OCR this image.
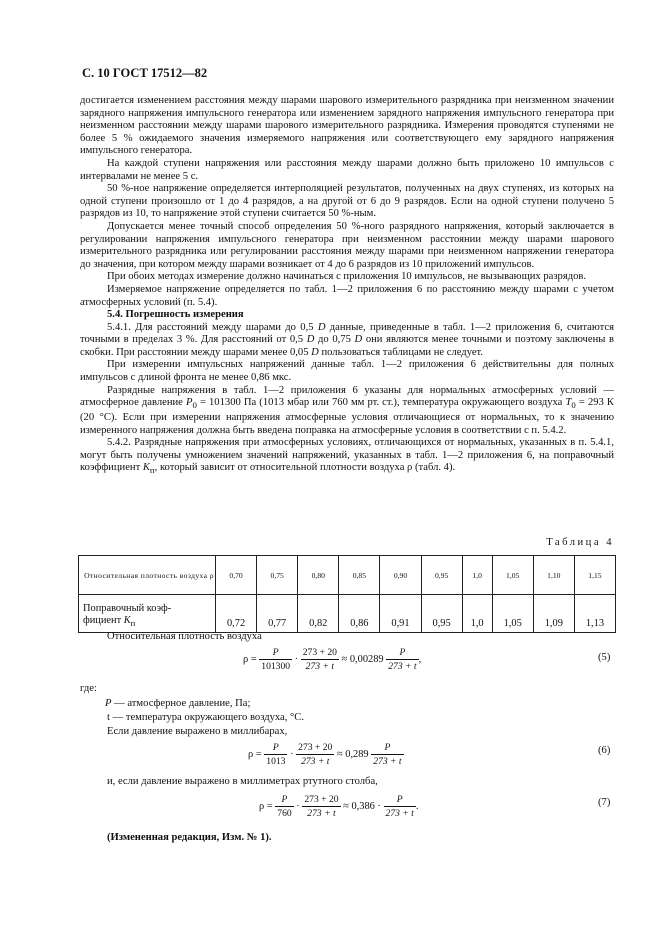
С. 10 ГОСТ 17512—82

достигается изменением расстояния между шарами шарового измерительного разрядника при неизменном значении зарядного напряжения импульсного генератора или изменением зарядного напряжения импульсного генератора при неизменном расстоянии между шарами шарового измерительного разрядника. Измерения проводятся ступенями не более 5 % ожидаемого значения измеряемого напряжения или соответствующего ему зарядного напряжения импульсного генератора.

На каждой ступени напряжения или расстояния между шарами должно быть приложено 10 импульсов с интервалами не менее 5 с.

50 %-ное напряжение определяется интерполяцией результатов, полученных на двух ступенях, из которых на одной ступени произошло от 1 до 4 разрядов, а на другой от 6 до 9 разрядов. Если на одной ступени получено 5 разрядов из 10, то напряжение этой ступени считается 50 %-ным.

Допускается менее точный способ определения 50 %-ного разрядного напряжения, который заключается в регулировании напряжения импульсного генератора при неизменном расстоянии между шарами шарового измерительного разрядника или регулировании расстояния между шарами при неизменном напряжении генератора до значения, при котором между шарами возникает от 4 до 6 разрядов из 10 приложений импульсов.

При обоих методах измерение должно начинаться с приложения 10 импульсов, не вызывающих разрядов.

Измеряемое напряжение определяется по табл. 1—2 приложения 6 по расстоянию между шарами с учетом атмосферных условий (п. 5.4).

5.4. Погрешность измерения

5.4.1. Для расстояний между шарами до 0,5 D данные, приведенные в табл. 1—2 приложения 6, считаются точными в пределах 3 %. Для расстояний от 0,5 D до 0,75 D они являются менее точными и поэтому заключены в скобки. При расстоянии между шарами менее 0,05 D пользоваться таблицами не следует.

При измерении импульсных напряжений данные табл. 1—2 приложения 6 действительны для полных импульсов с длиной фронта не менее 0,86 мкс.

Разрядные напряжения в табл. 1—2 приложения 6 указаны для нормальных атмосферных условий — атмосферное давление $P_0 = 101300$ Па (1013 мбар или 760 мм рт. ст.), температура окружающего воздуха $T_0 = 293$ К (20 °С). Если при измерении напряжения атмосферные условия отличающиеся от нормальных, то к значению измеренного напряжения должна быть введена поправка на атмосферные условия в соответствии с п. 5.4.2.

5.4.2. Разрядные напряжения при атмосферных условиях, отличающихся от нормальных, указанных в п. 5.4.1, могут быть получены умножением значений напряжений, указанных в табл. 1—2 приложения 6, на поправочный коэффициент $K_п$, который зависит от относительной плотности воздуха ρ (табл. 4).

Таблица 4
Относительная плотность воздуха ρ	0,70	0,75	0,80	0,85	0,90	0,95	1,0	1,05	1,10	1,15
Поправочный коэф-
фициент $K_п$	0,72	0,77	0,82	0,86	0,91	0,95	1,0	1,05	1,09	1,13
Относительная плотность воздуха
$\rho = \frac{P}{101300} \cdot \frac{273 + 20}{273 + t} \approx 0,00289 \frac{P}{273 + t}$ ,	(5)
где:
P — атмосферное давление, Па;
t — температура окружающего воздуха, °С.
Если давление выражено в миллибарах,
$\rho = \frac{P}{1013} \cdot \frac{273 + 20}{273 + t} \approx 0,289 \frac{P}{273 + t}$	(6)
и, если давление выражено в миллиметрах ртутного столба,
$\rho = \frac{P}{760} \cdot \frac{273 + 20}{273 + t} \approx 0,386 \cdot \frac{P}{273 + t}$ .	(7)
(Измененная редакция, Изм. № 1).
